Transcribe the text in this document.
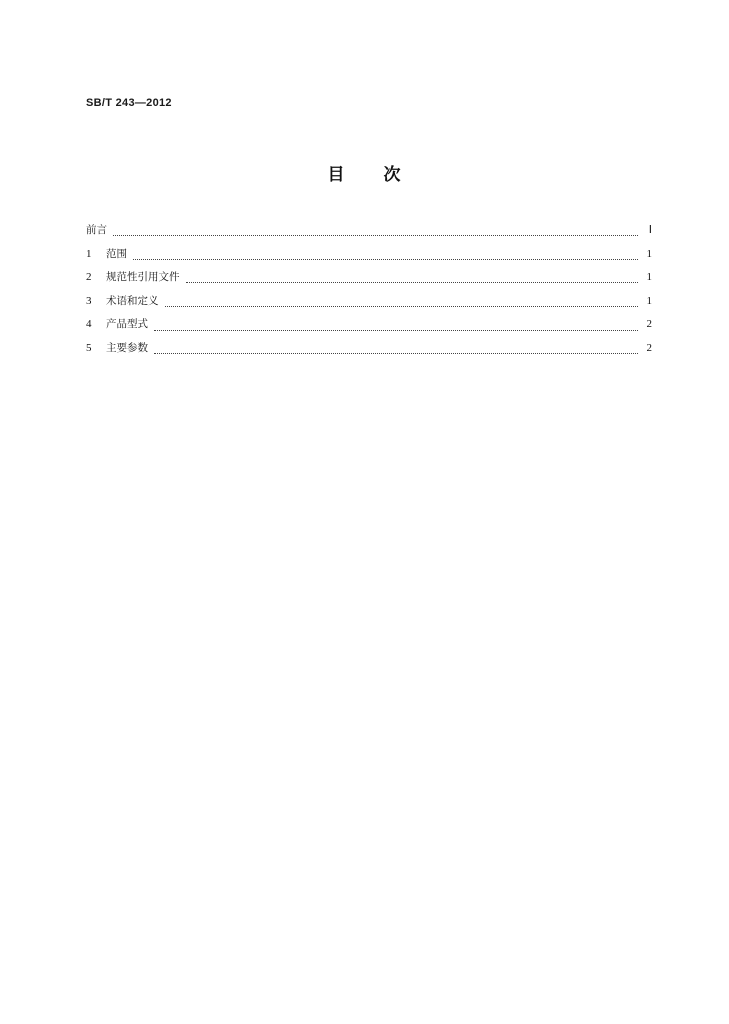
SB/T 243—2012
目 次
前言	Ⅰ
1	范围	1
2	规范性引用文件	1
3	术语和定义	1
4	产品型式	2
5	主要参数	2
